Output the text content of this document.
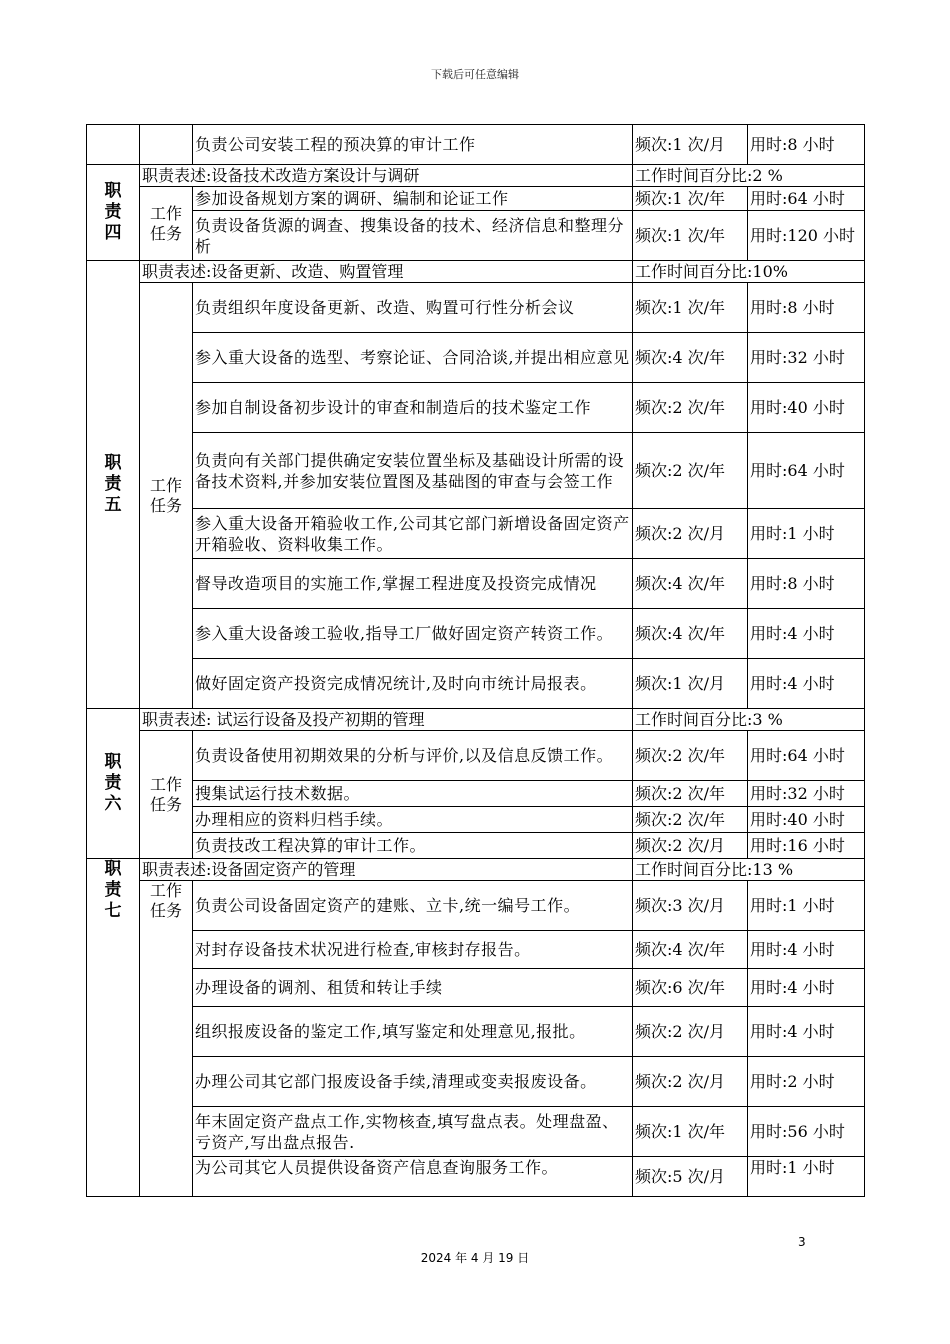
下载后可任意编辑
		负责公司安装工程的预决算的审计工作	频次:1 次/月	用时:8 小时

职责四	职责表述:设备技术改造方案设计与调研		工作时间百分比:2 %	

	工作任务	参加设备规划方案的调研、编制和论证工作	频次:1 次/年	用时:64 小时
		负责设备货源的调查、搜集设备的技术、经济信息和整理分析	频次:1 次/年	用时:120 小时

职责五	职责表述:设备更新、改造、购置管理		工作时间百分比:10%	

	工作任务	负责组织年度设备更新、改造、购置可行性分析会议	频次:1 次/年	用时:8 小时
		参入重大设备的选型、考察论证、合同洽谈,并提出相应意见	频次:4 次/年	用时:32 小时
		参加自制设备初步设计的审查和制造后的技术鉴定工作	频次:2 次/年	用时:40 小时
		负责向有关部门提供确定安装位置坐标及基础设计所需的设备技术资料,并参加安装位置图及基础图的审查与会签工作	频次:2 次/年	用时:64 小时
		参入重大设备开箱验收工作,公司其它部门新增设备固定资产开箱验收、资料收集工作。	频次:2 次/月	用时:1 小时
		督导改造项目的实施工作,掌握工程进度及投资完成情况	频次:4 次/年	用时:8 小时
		参入重大设备竣工验收,指导工厂做好固定资产转资工作。	频次:4 次/年	用时:4 小时
		做好固定资产投资完成情况统计,及时向市统计局报表。	频次:1 次/月	用时:4 小时

职责六	职责表述: 试运行设备及投产初期的管理		工作时间百分比:3 %	

	工作任务	负责设备使用初期效果的分析与评价,以及信息反馈工作。	频次:2 次/年	用时:64 小时
		搜集试运行技术数据。	频次:2 次/年	用时:32 小时
		办理相应的资料归档手续。	频次:2 次/年	用时:40 小时
		负责技改工程决算的审计工作。	频次:2 次/月	用时:16 小时

职责七	职责表述:设备固定资产的管理		工作时间百分比:13 %	

	工作任务	负责公司设备固定资产的建账、立卡,统一编号工作。	频次:3 次/月	用时:1 小时
		对封存设备技术状况进行检查,审核封存报告。	频次:4 次/年	用时:4 小时
		办理设备的调剂、租赁和转让手续	频次:6 次/年	用时:4 小时
		组织报废设备的鉴定工作,填写鉴定和处理意见,报批。	频次:2 次/月	用时:4 小时
		办理公司其它部门报废设备手续,清理或变卖报废设备。	频次:2 次/月	用时:2 小时
		年末固定资产盘点工作,实物核查,填写盘点表。处理盘盈、亏资产,写出盘点报告.	频次:1 次/年	用时:56 小时
		为公司其它人员提供设备资产信息查询服务工作。	频次:5 次/月	用时:1 小时
3
2024 年 4 月 19 日
